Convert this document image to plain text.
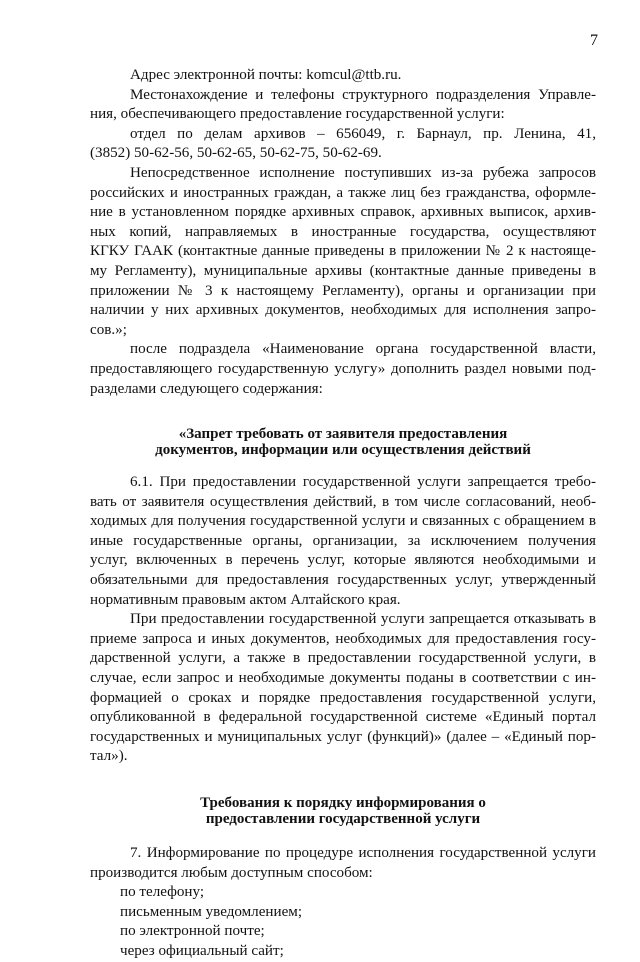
7
Адрес электронной почты: komcul@ttb.ru.
Местонахождение и телефоны структурного подразделения Управле-
ния, обеспечивающего предоставление государственной услуги:
отдел по делам архивов – 656049, г. Барнаул, пр. Ленина, 41,
(3852) 50-62-56, 50-62-65, 50-62-75, 50-62-69.
Непосредственное исполнение поступивших из-за рубежа запросов
российских и иностранных граждан, а также лиц без гражданства, оформле-
ние в установленном порядке архивных справок, архивных выписок, архив-
ных копий, направляемых в иностранные государства, осуществляют
КГКУ ГААК (контактные данные приведены в приложении № 2 к настояще-
му Регламенту), муниципальные архивы (контактные данные приведены в
приложении № 3 к настоящему Регламенту), органы и организации при
наличии у них архивных документов, необходимых для исполнения запро-
сов.»;
после подраздела «Наименование органа государственной власти,
предоставляющего государственную услугу» дополнить раздел новыми под-
разделами следующего содержания:
«Запрет требовать от заявителя предоставления
документов, информации или осуществления действий
6.1. При предоставлении государственной услуги запрещается требо-
вать от заявителя осуществления действий, в том числе согласований, необ-
ходимых для получения государственной услуги и связанных с обращением в
иные государственные органы, организации, за исключением получения
услуг, включенных в перечень услуг, которые являются необходимыми и
обязательными для предоставления государственных услуг, утвержденный
нормативным правовым актом Алтайского края.
При предоставлении государственной услуги запрещается отказывать в
приеме запроса и иных документов, необходимых для предоставления госу-
дарственной услуги, а также в предоставлении государственной услуги, в
случае, если запрос и необходимые документы поданы в соответствии с ин-
формацией о сроках и порядке предоставления государственной услуги,
опубликованной в федеральной государственной системе «Единый портал
государственных и муниципальных услуг (функций)» (далее – «Единый пор-
тал»).
Требования к порядку информирования о
предоставлении государственной услуги
7. Информирование по процедуре исполнения государственной услуги
производится любым доступным способом:
по телефону;
письменным уведомлением;
по электронной почте;
через официальный сайт;
